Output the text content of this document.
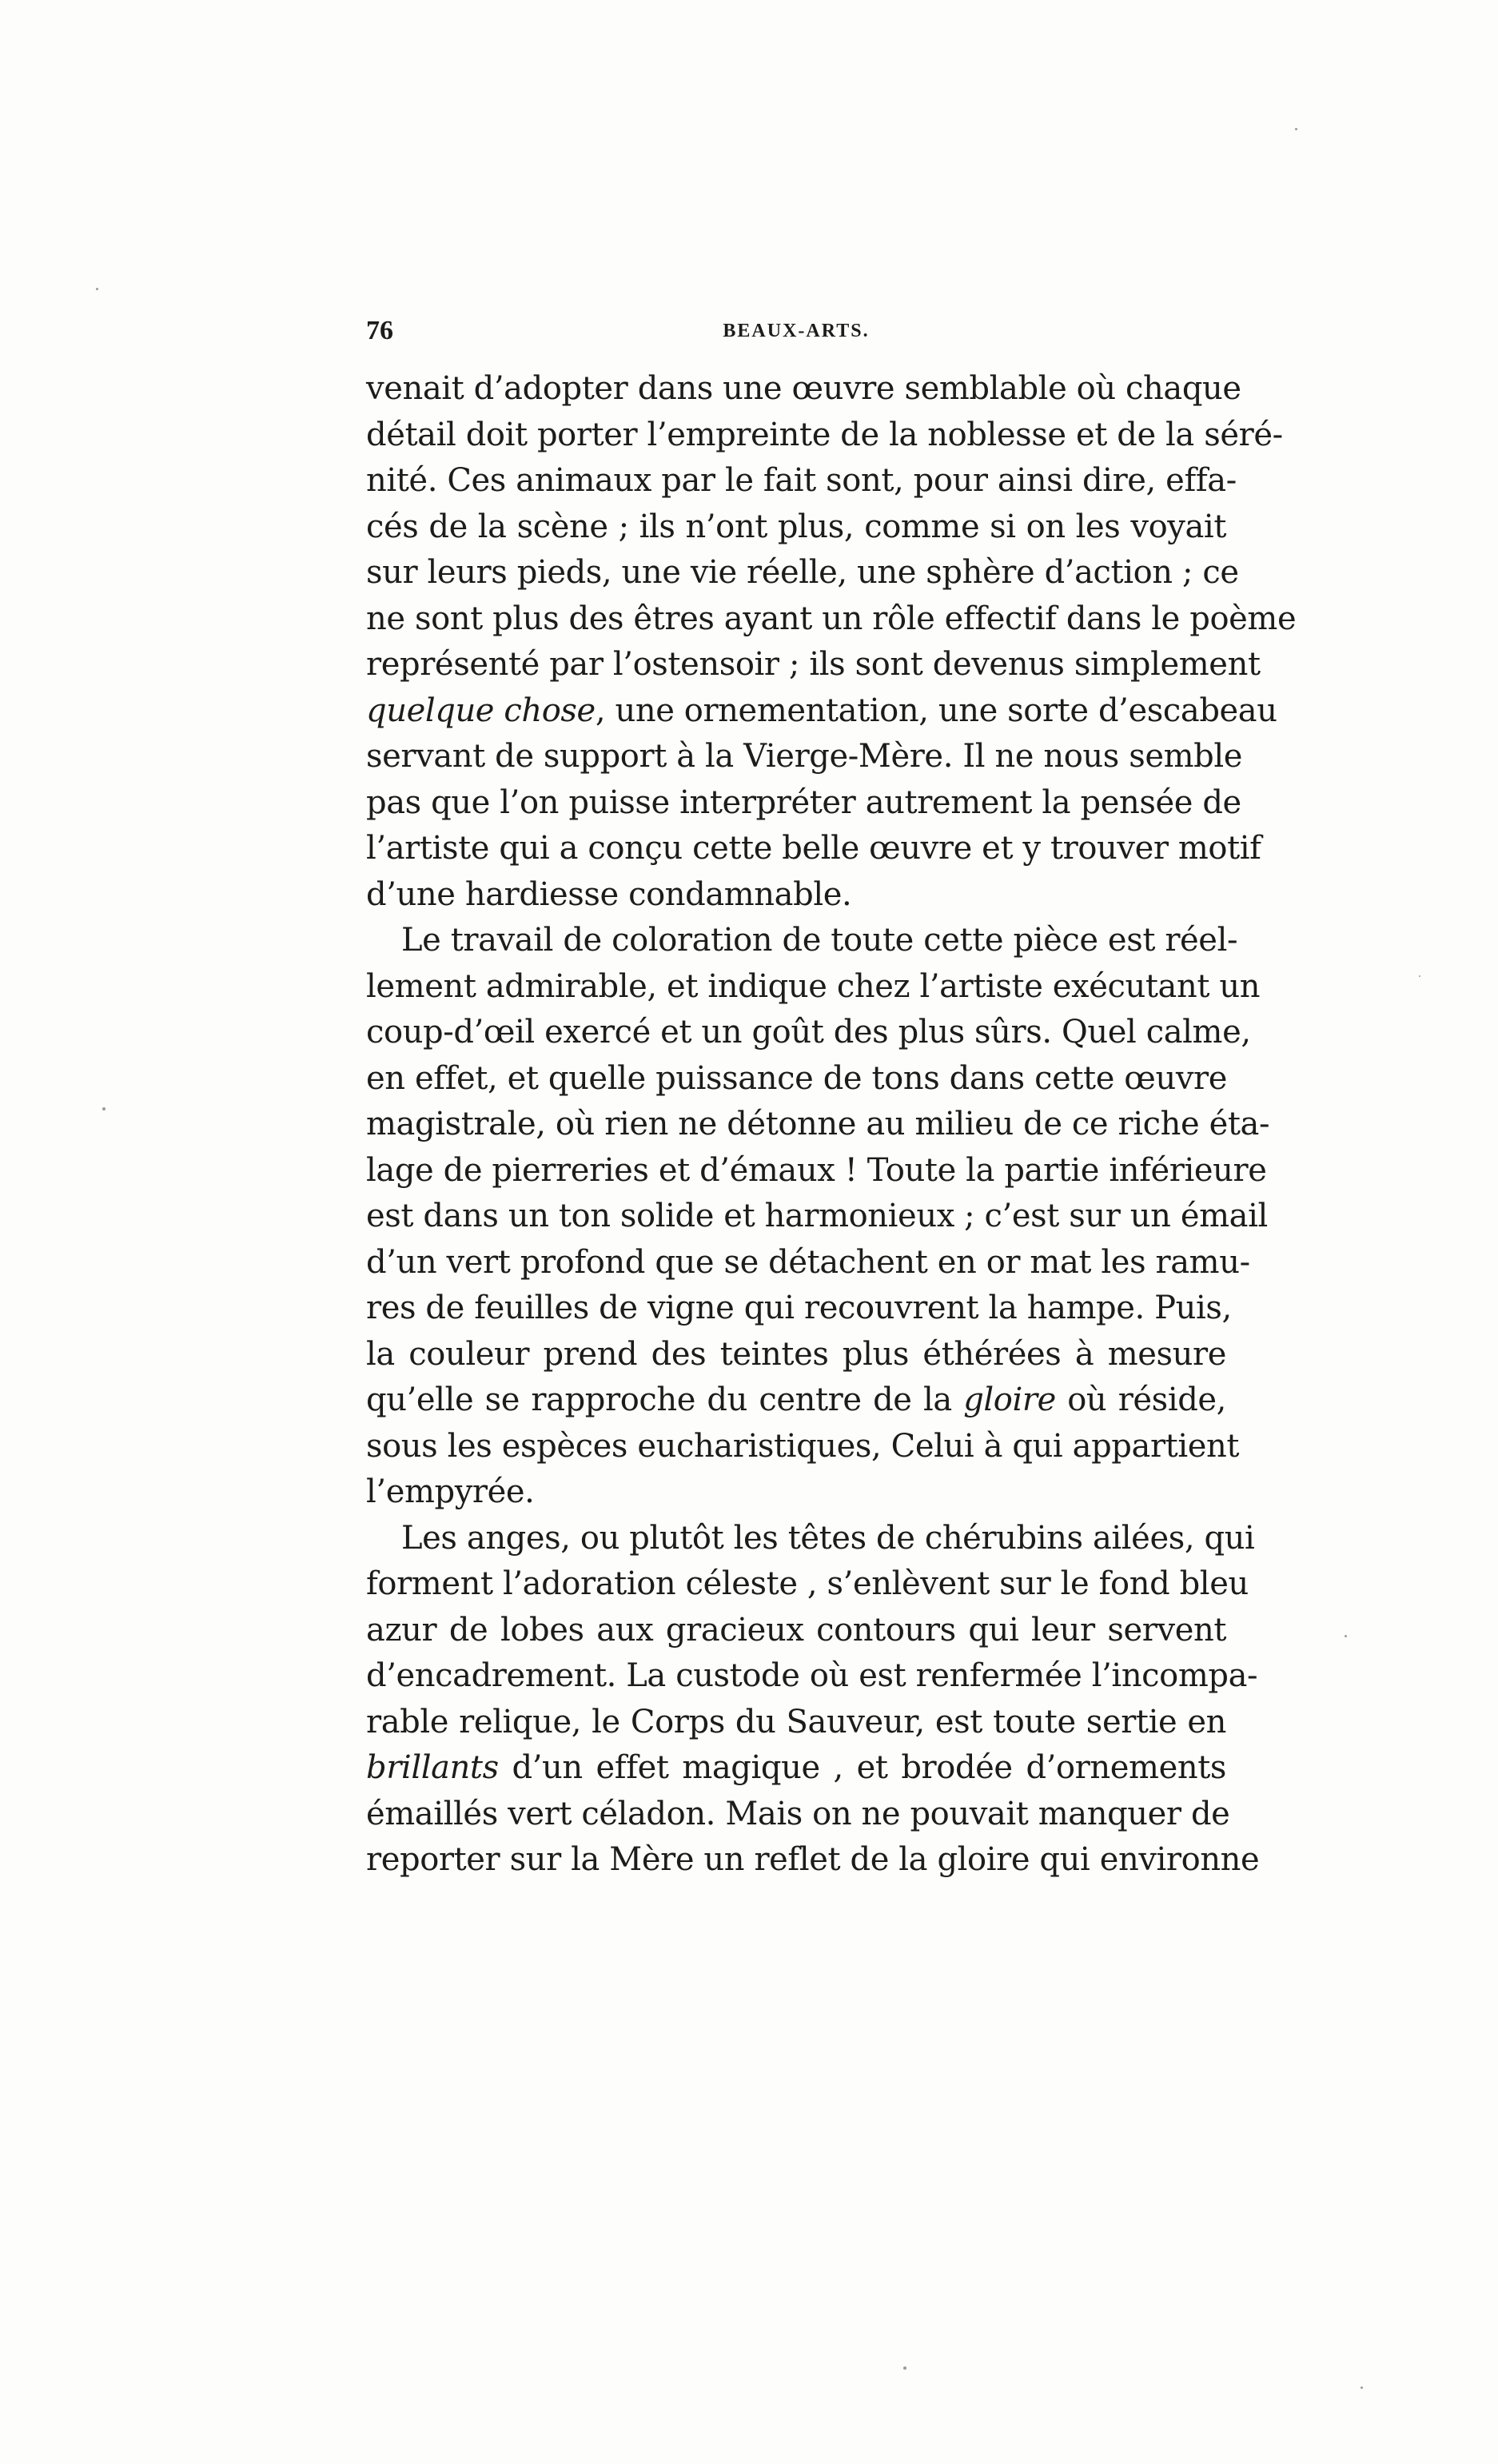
76	BEAUX-ARTS.
venait d’adopter dans une œuvre semblable où chaque
détail doit porter l’empreinte de la noblesse et de la séré-
nité. Ces animaux par le fait sont, pour ainsi dire, effa-
cés de la scène ; ils n’ont plus, comme si on les voyait
sur leurs pieds, une vie réelle, une sphère d’action ; ce
ne sont plus des êtres ayant un rôle effectif dans le poème
représenté par l’ostensoir ; ils sont devenus simplement
quelque chose, une ornementation, une sorte d’escabeau
servant de support à la Vierge-Mère. Il ne nous semble
pas que l’on puisse interpréter autrement la pensée de
l’artiste qui a conçu cette belle œuvre et y trouver motif
d’une hardiesse condamnable.
Le travail de coloration de toute cette pièce est réel-
lement admirable, et indique chez l’artiste exécutant un
coup-d’œil exercé et un goût des plus sûrs. Quel calme,
en effet, et quelle puissance de tons dans cette œuvre
magistrale, où rien ne détonne au milieu de ce riche éta-
lage de pierreries et d’émaux ! Toute la partie inférieure
est dans un ton solide et harmonieux ; c’est sur un émail
d’un vert profond que se détachent en or mat les ramu-
res de feuilles de vigne qui recouvrent la hampe. Puis,
la couleur prend des teintes plus éthérées à mesure
qu’elle se rapproche du centre de la gloire où réside,
sous les espèces eucharistiques, Celui à qui appartient
l’empyrée.
Les anges, ou plutôt les têtes de chérubins ailées, qui
forment l’adoration céleste , s’enlèvent sur le fond bleu
azur de lobes aux gracieux contours qui leur servent
d’encadrement. La custode où est renfermée l’incompa-
rable relique, le Corps du Sauveur, est toute sertie en
brillants d’un effet magique , et brodée d’ornements
émaillés vert céladon. Mais on ne pouvait manquer de
reporter sur la Mère un reflet de la gloire qui environne
